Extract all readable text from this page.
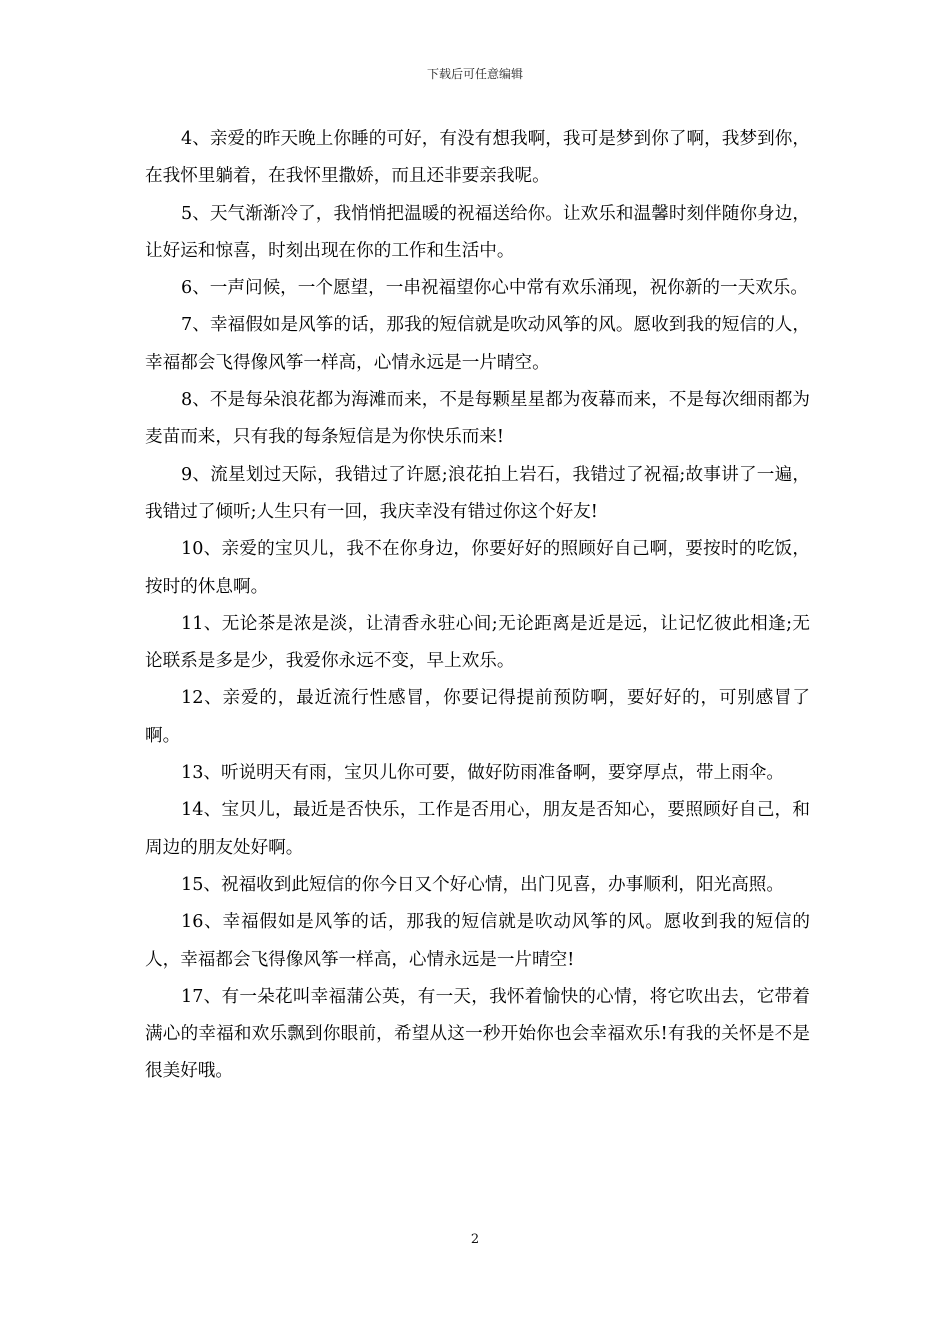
下载后可任意编辑

4、亲爱的昨天晚上你睡的可好，有没有想我啊，我可是梦到你了啊，我梦到你，在我怀里躺着，在我怀里撒娇，而且还非要亲我呢。

5、天气渐渐冷了，我悄悄把温暖的祝福送给你。让欢乐和温馨时刻伴随你身边，让好运和惊喜，时刻出现在你的工作和生活中。

6、一声问候，一个愿望，一串祝福望你心中常有欢乐涌现，祝你新的一天欢乐。

7、幸福假如是风筝的话，那我的短信就是吹动风筝的风。愿收到我的短信的人，幸福都会飞得像风筝一样高，心情永远是一片晴空。

8、不是每朵浪花都为海滩而来，不是每颗星星都为夜幕而来，不是每次细雨都为麦苗而来，只有我的每条短信是为你快乐而来!

9、流星划过天际，我错过了许愿;浪花拍上岩石，我错过了祝福;故事讲了一遍，我错过了倾听;人生只有一回，我庆幸没有错过你这个好友!

10、亲爱的宝贝儿，我不在你身边，你要好好的照顾好自己啊，要按时的吃饭，按时的休息啊。

11、无论茶是浓是淡，让清香永驻心间;无论距离是近是远，让记忆彼此相逢;无论联系是多是少，我爱你永远不变，早上欢乐。

12、亲爱的，最近流行性感冒，你要记得提前预防啊，要好好的，可别感冒了啊。

13、听说明天有雨，宝贝儿你可要，做好防雨准备啊，要穿厚点，带上雨伞。

14、宝贝儿，最近是否快乐，工作是否用心，朋友是否知心，要照顾好自己，和周边的朋友处好啊。

15、祝福收到此短信的你今日又个好心情，出门见喜，办事顺利，阳光高照。

16、幸福假如是风筝的话，那我的短信就是吹动风筝的风。愿收到我的短信的人，幸福都会飞得像风筝一样高，心情永远是一片晴空!

17、有一朵花叫幸福蒲公英，有一天，我怀着愉快的心情，将它吹出去，它带着满心的幸福和欢乐飘到你眼前，希望从这一秒开始你也会幸福欢乐!有我的关怀是不是很美好哦。

2
